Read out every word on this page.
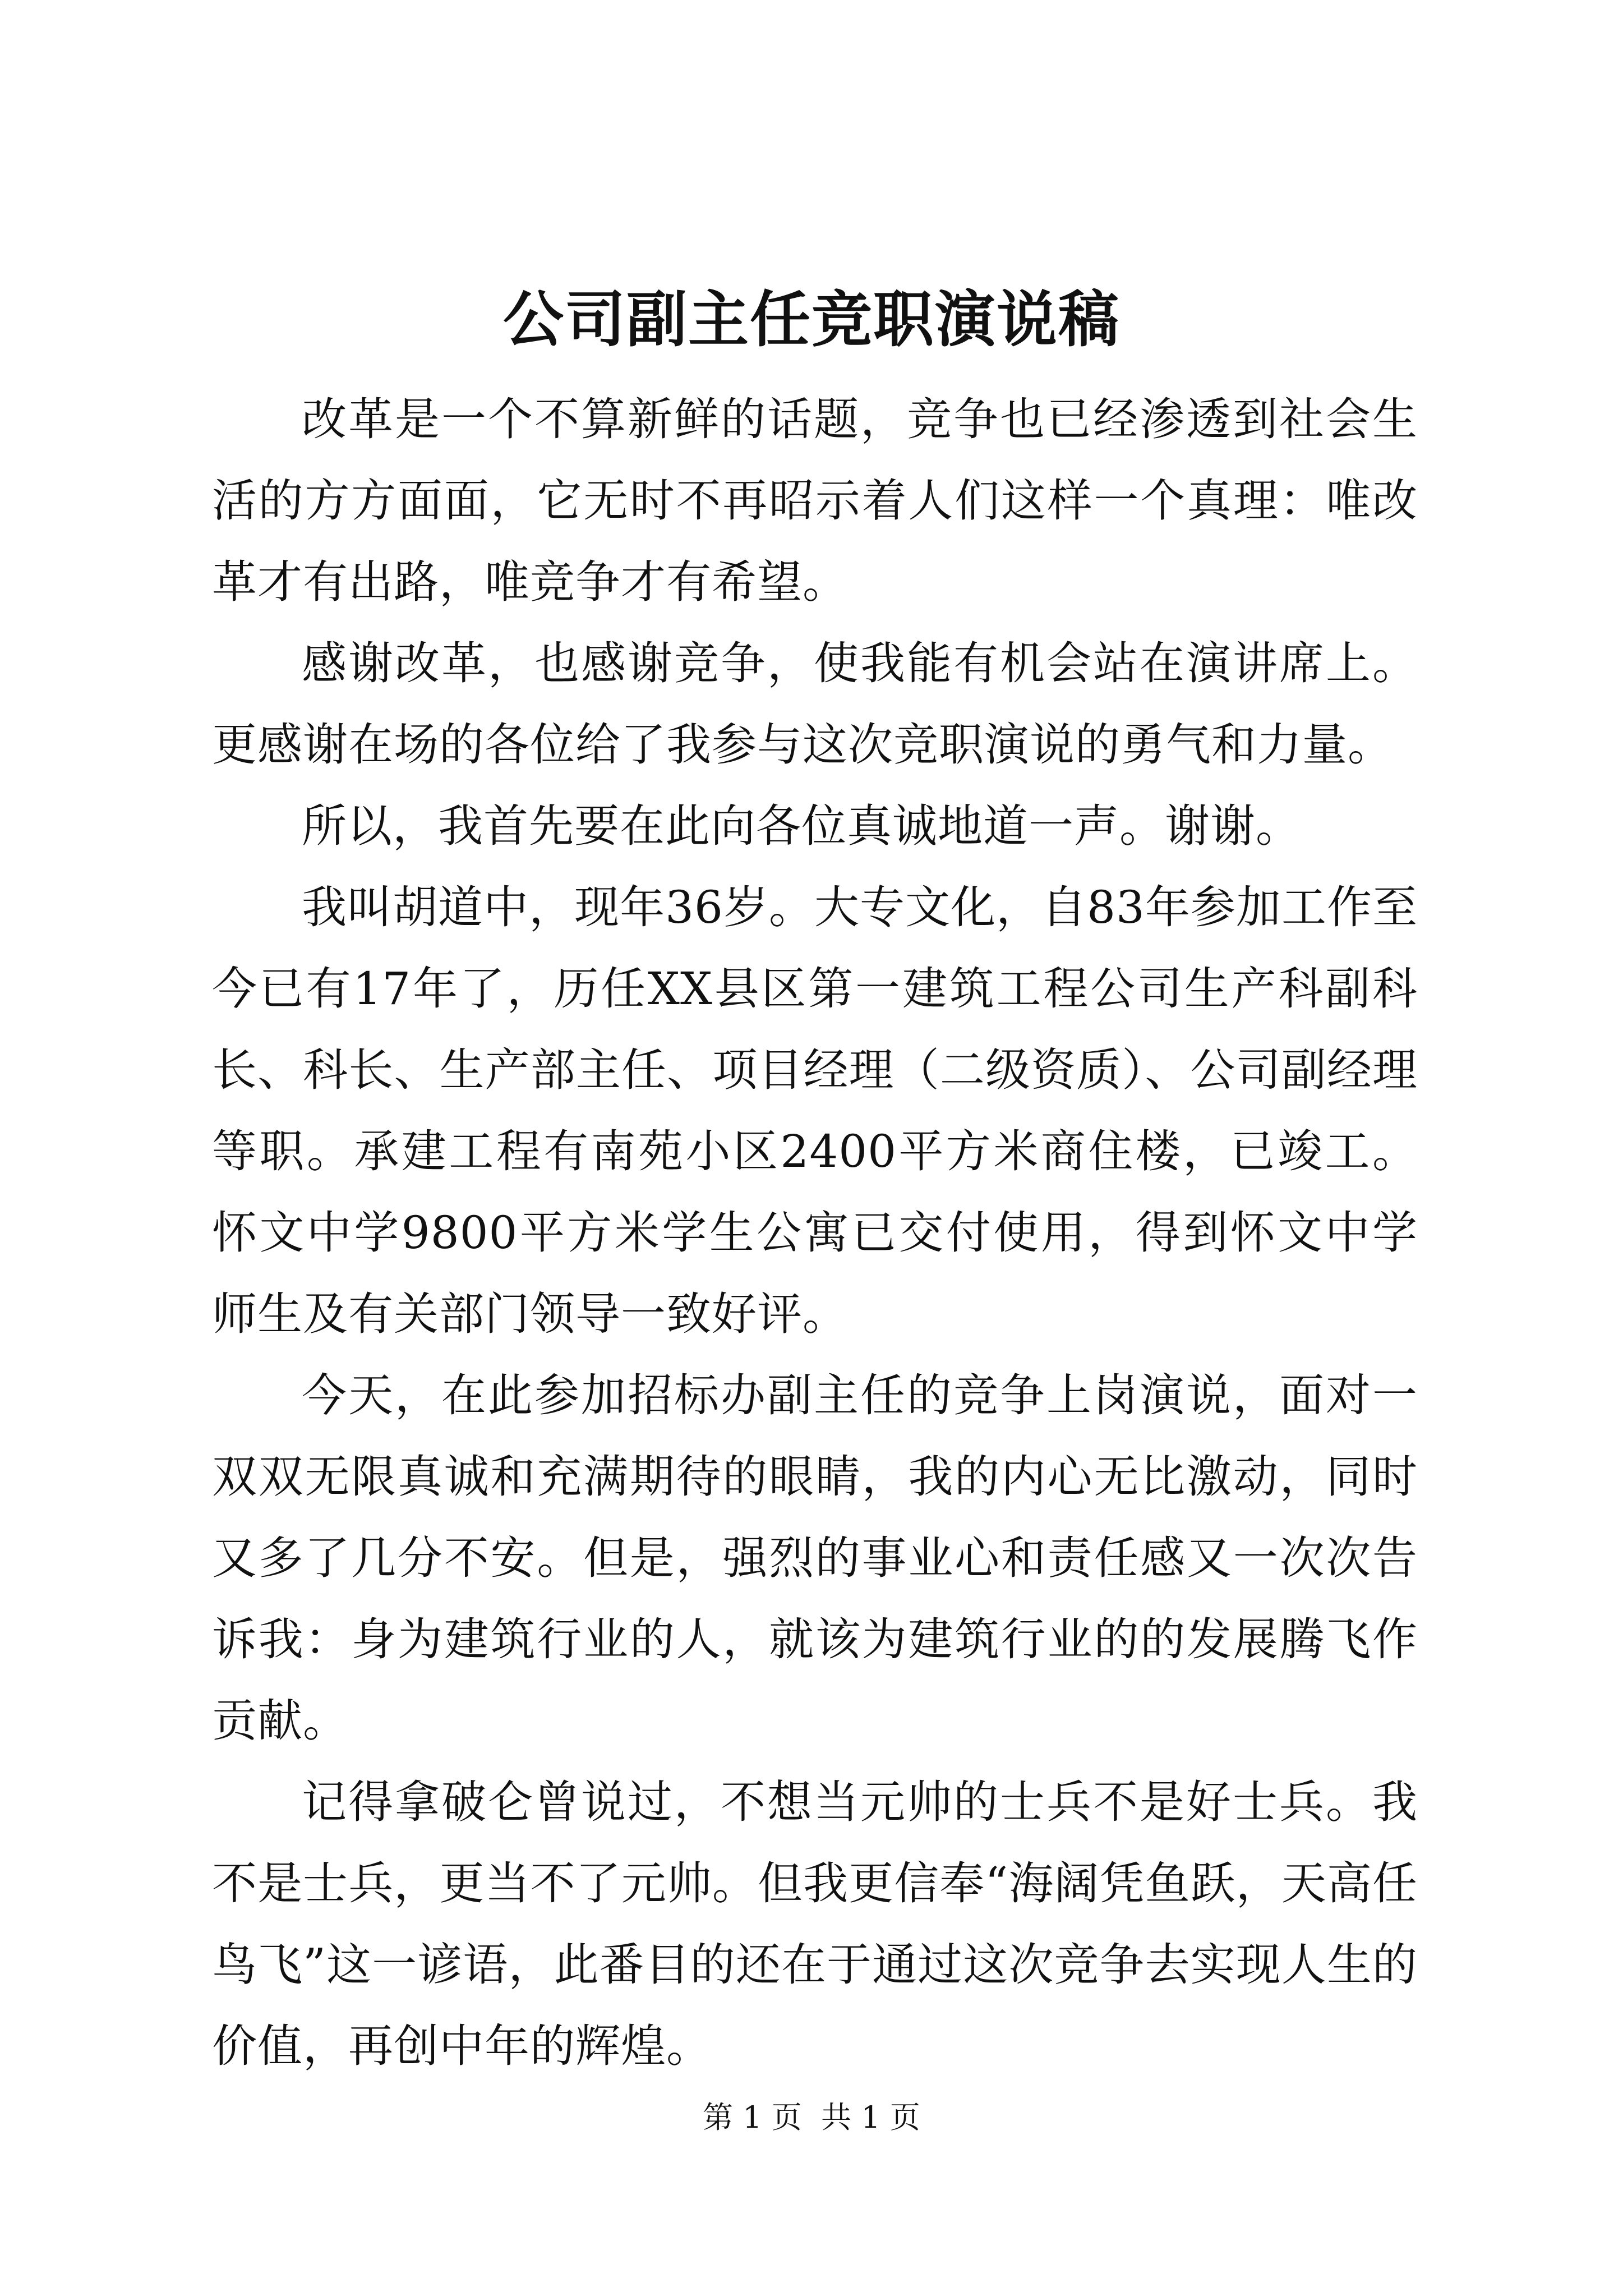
公司副主任竞职演说稿

改革是一个不算新鲜的话题，竞争也已经渗透到社会生活的方方面面，它无时不再昭示着人们这样一个真理：唯改革才有出路，唯竞争才有希望。

感谢改革，也感谢竞争，使我能有机会站在演讲席上。更感谢在场的各位给了我参与这次竞职演说的勇气和力量。

所以，我首先要在此向各位真诚地道一声。谢谢。

我叫胡道中，现年36岁。大专文化，自83年参加工作至今已有17年了，历任XX县区第一建筑工程公司生产科副科长、科长、生产部主任、项目经理（二级资质）、公司副经理等职。承建工程有南苑小区2400平方米商住楼，已竣工。怀文中学9800平方米学生公寓已交付使用，得到怀文中学师生及有关部门领导一致好评。

今天，在此参加招标办副主任的竞争上岗演说，面对一双双无限真诚和充满期待的眼睛，我的内心无比激动，同时又多了几分不安。但是，强烈的事业心和责任感又一次次告诉我：身为建筑行业的人，就该为建筑行业的的发展腾飞作贡献。

记得拿破仑曾说过，不想当元帅的士兵不是好士兵。我不是士兵，更当不了元帅。但我更信奉“海阔凭鱼跃，天高任鸟飞”这一谚语，此番目的还在于通过这次竞争去实现人生的价值，再创中年的辉煌。

第 1 页  共 1 页
